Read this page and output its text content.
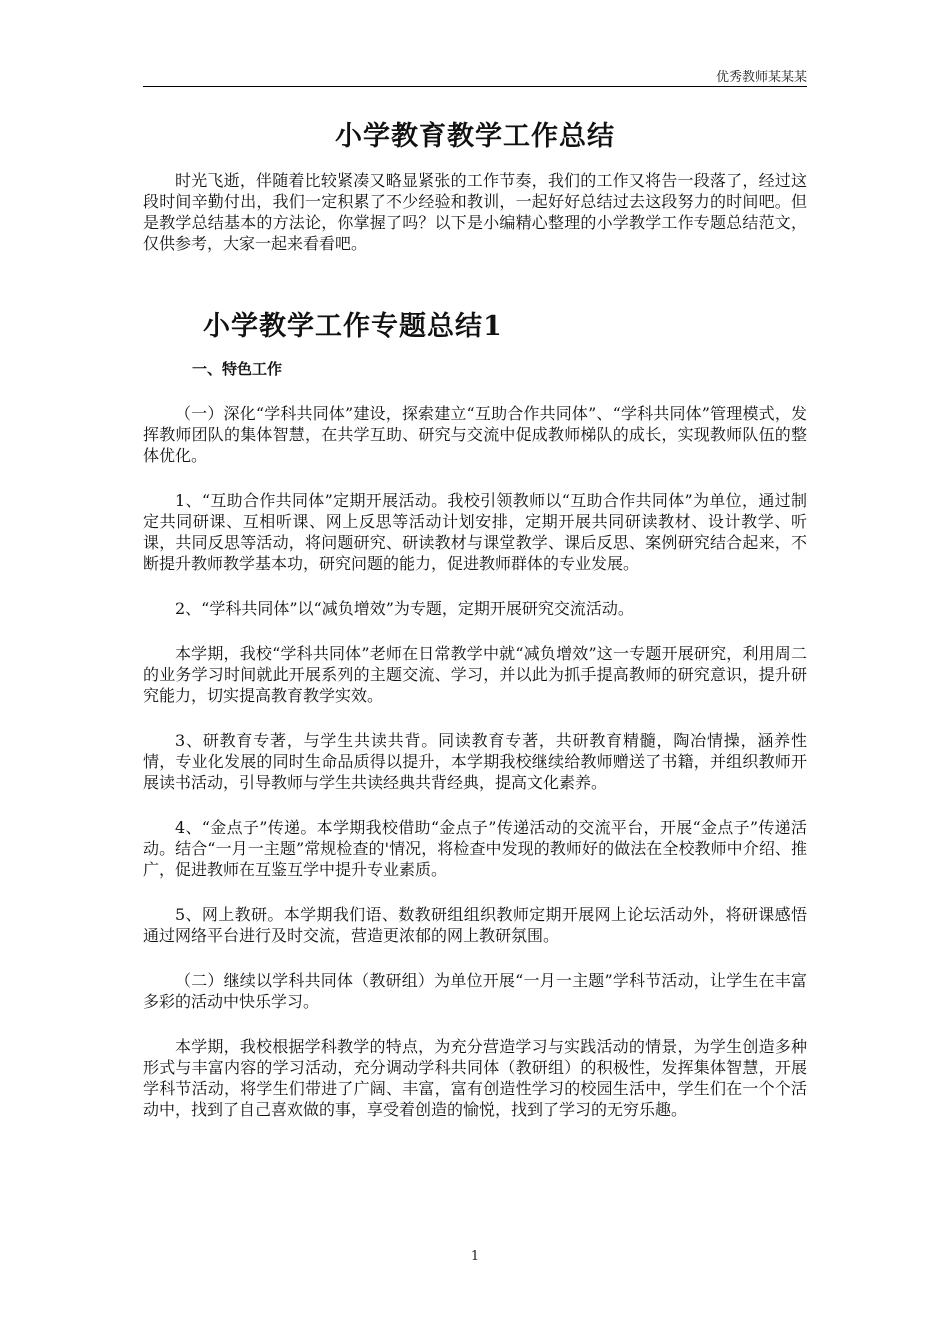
优秀教师某某某
小学教育教学工作总结

时光飞逝，伴随着比较紧凑又略显紧张的工作节奏，我们的工作又将告一段落了，经过这段时间辛勤付出，我们一定积累了不少经验和教训，一起好好总结过去这段努力的时间吧。但是教学总结基本的方法论，你掌握了吗？以下是小编精心整理的小学教学工作专题总结范文，仅供参考，大家一起来看看吧。

小学教学工作专题总结1
一、特色工作

（一）深化“学科共同体”建设，探索建立“互助合作共同体”、“学科共同体”管理模式，发挥教师团队的集体智慧，在共学互助、研究与交流中促成教师梯队的成长，实现教师队伍的整体优化。

1、“互助合作共同体”定期开展活动。我校引领教师以“互助合作共同体”为单位，通过制定共同研课、互相听课、网上反思等活动计划安排，定期开展共同研读教材、设计教学、听课，共同反思等活动，将问题研究、研读教材与课堂教学、课后反思、案例研究结合起来，不断提升教师教学基本功，研究问题的能力，促进教师群体的专业发展。

2、“学科共同体”以“减负增效”为专题，定期开展研究交流活动。

本学期，我校“学科共同体”老师在日常教学中就“减负增效”这一专题开展研究，利用周二的业务学习时间就此开展系列的主题交流、学习，并以此为抓手提高教师的研究意识，提升研究能力，切实提高教育教学实效。

3、研教育专著，与学生共读共背。同读教育专著，共研教育精髓，陶冶情操，涵养性情，专业化发展的同时生命品质得以提升，本学期我校继续给教师赠送了书籍，并组织教师开展读书活动，引导教师与学生共读经典共背经典，提高文化素养。

4、“金点子”传递。本学期我校借助“金点子”传递活动的交流平台，开展“金点子”传递活动。结合“一月一主题”常规检查的'情况，将检查中发现的教师好的做法在全校教师中介绍、推广，促进教师在互鉴互学中提升专业素质。

5、网上教研。本学期我们语、数教研组组织教师定期开展网上论坛活动外，将研课感悟通过网络平台进行及时交流，营造更浓郁的网上教研氛围。

（二）继续以学科共同体（教研组）为单位开展“一月一主题”学科节活动，让学生在丰富多彩的活动中快乐学习。

本学期，我校根据学科教学的特点，为充分营造学习与实践活动的情景，为学生创造多种形式与丰富内容的学习活动，充分调动学科共同体（教研组）的积极性，发挥集体智慧，开展学科节活动，将学生们带进了广阔、丰富，富有创造性学习的校园生活中，学生们在一个个活动中，找到了自己喜欢做的事，享受着创造的愉悦，找到了学习的无穷乐趣。

1
